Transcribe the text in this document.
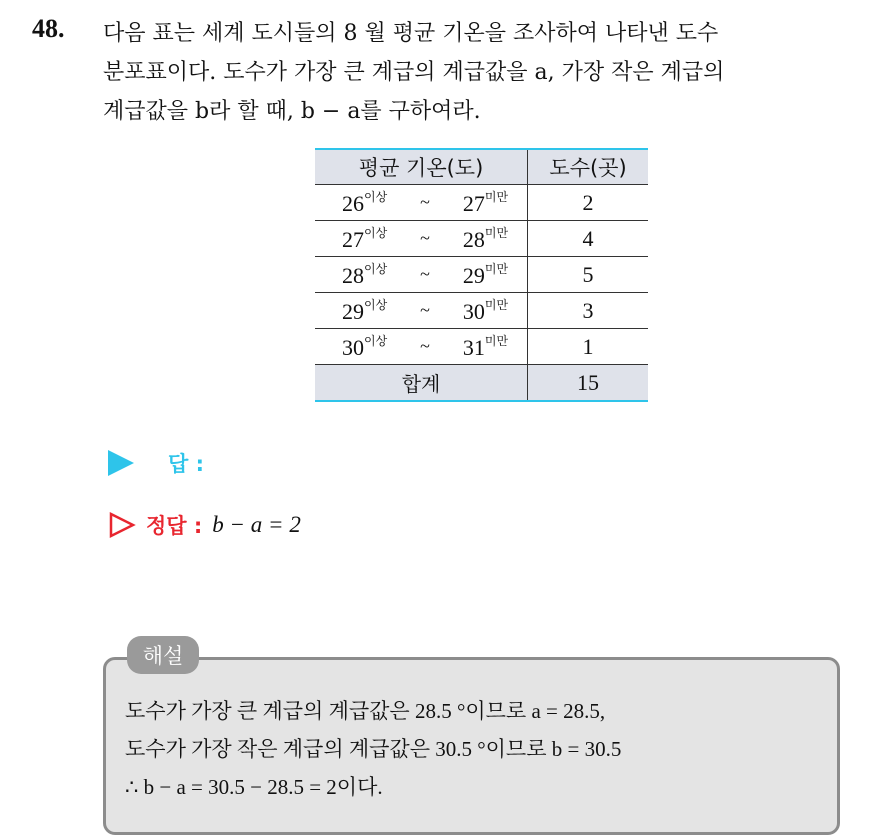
48. 다음 표는 세계 도시들의 8 월 평균 기온을 조사하여 나타낸 도수
분포표이다. 도수가 가장 큰 계급의 계급값을 a, 가장 작은 계급의
계급값을 b라 할 때, b − a를 구하여라.
평균 기온(도)	도수(곳)

$26^{이상}$ ~ $27^{미만}$	2

$27^{이상}$ ~ $28^{미만}$	4

$28^{이상}$ ~ $29^{미만}$	5

$29^{이상}$ ~ $30^{미만}$	3

$30^{이상}$ ~ $31^{미만}$	1
합계	15
답 :
정답 : b − a = 2
해설
도수가 가장 큰 계급의 계급값은 28.5 °이므로 a = 28.5,
도수가 가장 작은 계급의 계급값은 30.5 °이므로 b = 30.5
∴ b − a = 30.5 − 28.5 = 2이다.
